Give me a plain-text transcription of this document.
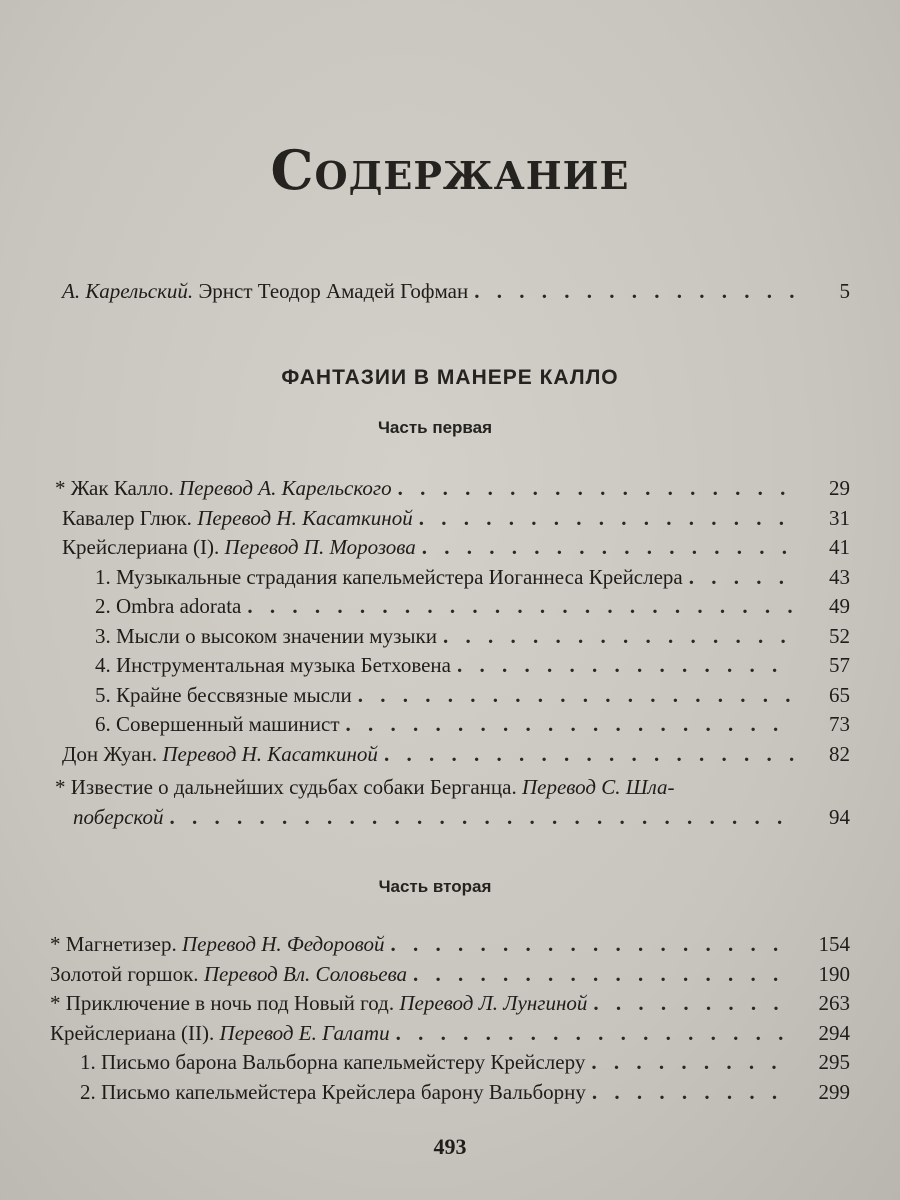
Содержание
А. Карельский. Эрнст Теодор Амадей Гофман . . .	5
ФАНТАЗИИ В МАНЕРЕ КАЛЛО
Часть первая
* Жак Калло. Перевод А. Карельского . . .	29
Кавалер Глюк. Перевод Н. Касаткиной . . .	31
Крейслериана (I). Перевод П. Морозова . . .	41
1. Музыкальные страдания капельмейстера Иоганнеса Крейслера . . .	43
2. Ombra adorata . . .	49
3. Мысли о высоком значении музыки . . .	52
4. Инструментальная музыка Бетховена . . .	57
5. Крайне бессвязные мысли . . .	65
6. Совершенный машинист . . .	73
Дон Жуан. Перевод Н. Касаткиной . . .	82
* Известие о дальнейших судьбах собаки Берганца. Перевод С. Шла-
поберской . . .	94
Часть вторая
* Магнетизер. Перевод Н. Федоровой . . .	154
Золотой горшок. Перевод Вл. Соловьева . . .	190
* Приключение в ночь под Новый год. Перевод Л. Лунгиной . . .	263
Крейслериана (II). Перевод Е. Галати . . .	294
1. Письмо барона Вальборна капельмейстеру Крейслеру . . .	295
2. Письмо капельмейстера Крейслера барону Вальборну . . .	299
493
